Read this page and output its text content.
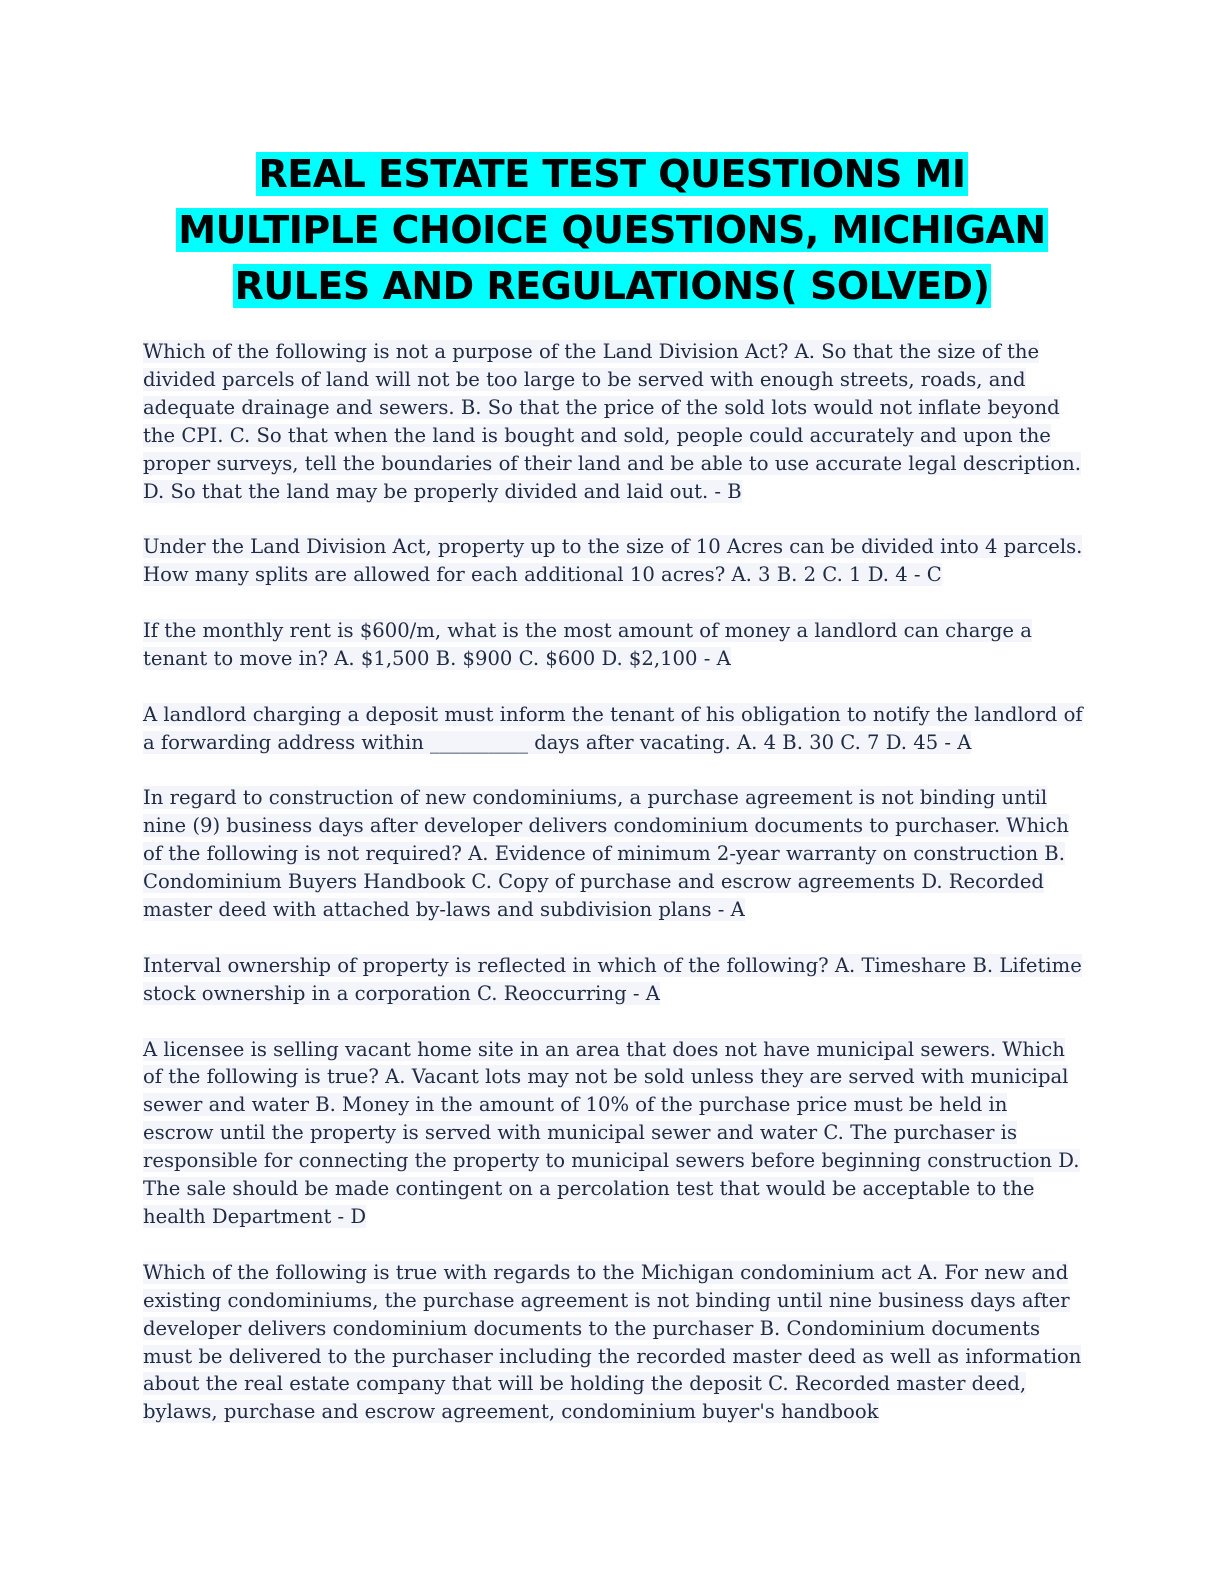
REAL ESTATE TEST QUESTIONS MI
MULTIPLE CHOICE QUESTIONS, MICHIGAN
RULES AND REGULATIONS( SOLVED)

Which of the following is not a purpose of the Land Division Act? A. So that the size of the divided parcels of land will not be too large to be served with enough streets, roads, and adequate drainage and sewers. B. So that the price of the sold lots would not inflate beyond the CPI. C. So that when the land is bought and sold, people could accurately and upon the proper surveys, tell the boundaries of their land and be able to use accurate legal description. D. So that the land may be properly divided and laid out. - B

Under the Land Division Act, property up to the size of 10 Acres can be divided into 4 parcels. How many splits are allowed for each additional 10 acres? A. 3 B. 2 C. 1 D. 4 - C

If the monthly rent is $600/m, what is the most amount of money a landlord can charge a tenant to move in? A. $1,500 B. $900 C. $600 D. $2,100 - A

A landlord charging a deposit must inform the tenant of his obligation to notify the landlord of a forwarding address within __________ days after vacating. A. 4 B. 30 C. 7 D. 45 - A

In regard to construction of new condominiums, a purchase agreement is not binding until nine (9) business days after developer delivers condominium documents to purchaser. Which of the following is not required? A. Evidence of minimum 2-year warranty on construction B. Condominium Buyers Handbook C. Copy of purchase and escrow agreements D. Recorded master deed with attached by-laws and subdivision plans - A

Interval ownership of property is reflected in which of the following? A. Timeshare B. Lifetime stock ownership in a corporation C. Reoccurring - A

A licensee is selling vacant home site in an area that does not have municipal sewers. Which of the following is true? A. Vacant lots may not be sold unless they are served with municipal sewer and water B. Money in the amount of 10% of the purchase price must be held in escrow until the property is served with municipal sewer and water C. The purchaser is responsible for connecting the property to municipal sewers before beginning construction D. The sale should be made contingent on a percolation test that would be acceptable to the health Department - D

Which of the following is true with regards to the Michigan condominium act A. For new and existing condominiums, the purchase agreement is not binding until nine business days after developer delivers condominium documents to the purchaser B. Condominium documents must be delivered to the purchaser including the recorded master deed as well as information about the real estate company that will be holding the deposit C. Recorded master deed, bylaws, purchase and escrow agreement, condominium buyer's handbook
